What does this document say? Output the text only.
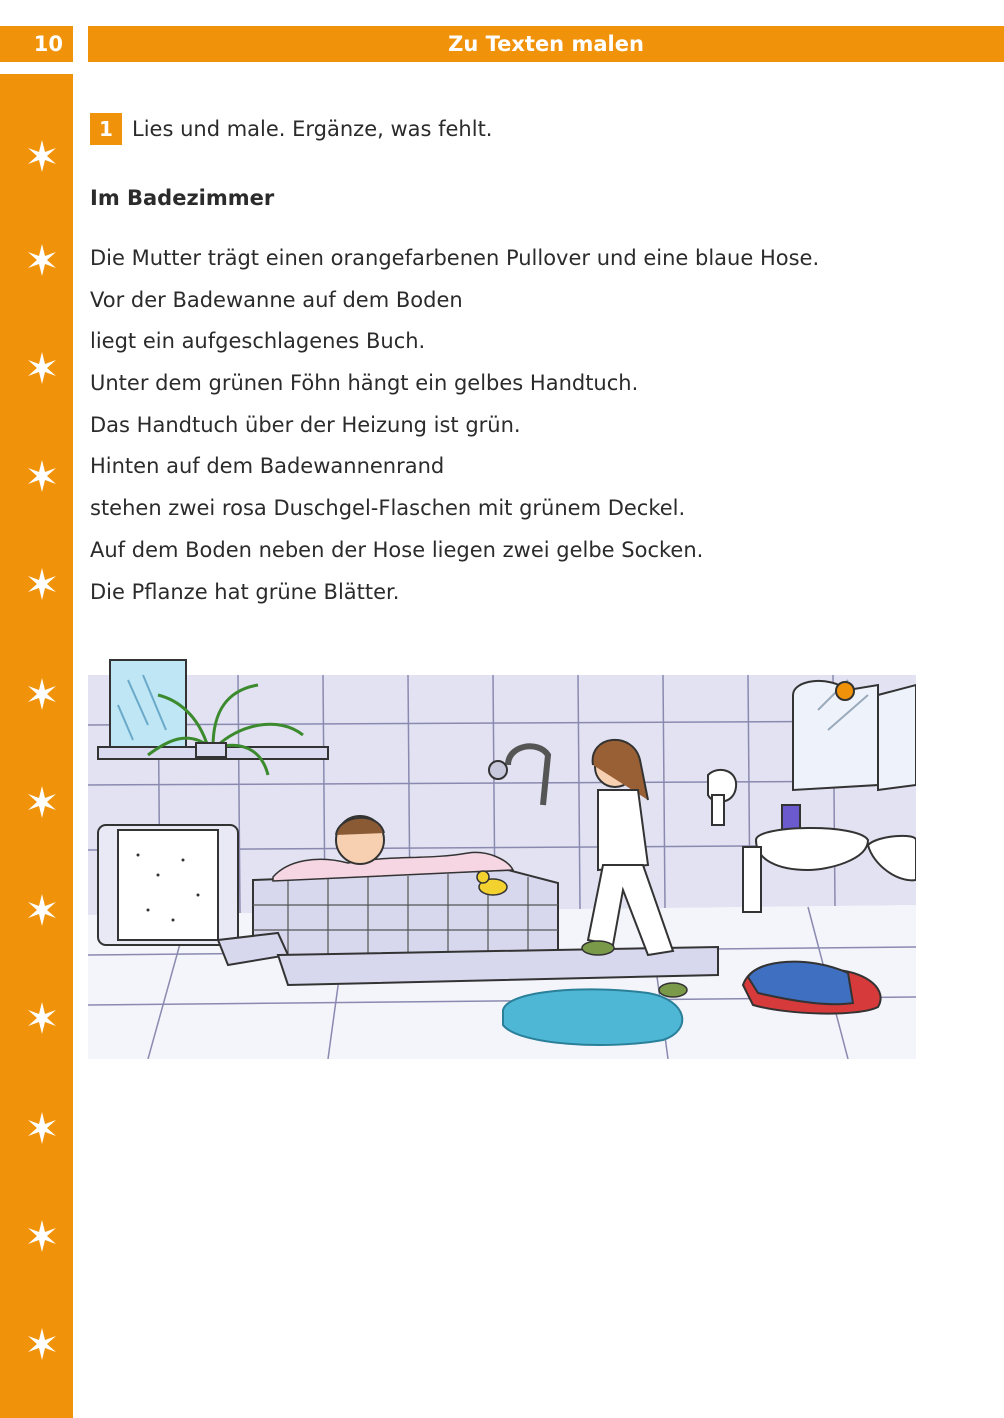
10	Zu Texten malen
1 Lies und male. Ergänze, was fehlt.
Im Badezimmer
Die Mutter trägt einen orangefarbenen Pullover und eine blaue Hose.
Vor der Badewanne auf dem Boden
liegt ein aufgeschlagenes Buch.
Unter dem grünen Föhn hängt ein gelbes Handtuch.
Das Handtuch über der Heizung ist grün.
Hinten auf dem Badewannenrand
stehen zwei rosa Duschgel-Flaschen mit grünem Deckel.
Auf dem Boden neben der Hose liegen zwei gelbe Socken.
Die Pflanze hat grüne Blätter.
